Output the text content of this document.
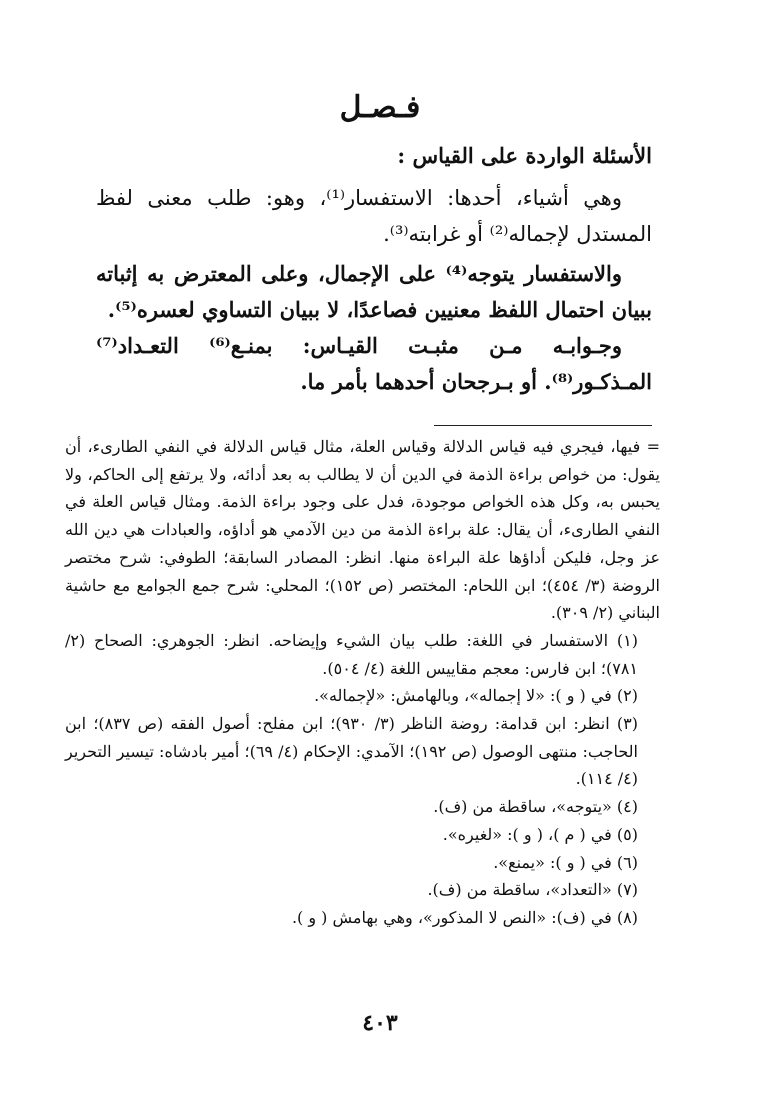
فـصـل
الأسئلة الواردة على القياس :
وهي أشياء، أحدها: الاستفسار⁽¹⁾، وهو: طلب معنى لفظ المستدل لإجماله⁽²⁾ أو غرابته⁽³⁾.
والاستفسار يتوجه⁽⁴⁾ على الإجمال، وعلى المعترض به إثباته ببيان احتمال اللفظ معنيين فصاعدًا، لا ببيان التساوي لعسره⁽⁵⁾.
وجـوابـه مـن مثبـت القيـاس: بمنـع⁽⁶⁾ التعـداد⁽⁷⁾ المـذكـور⁽⁸⁾. أو بـرجحان أحدهما بأمر ما.

= فيها، فيجري فيه قياس الدلالة وقياس العلة، مثال قياس الدلالة في النفي الطارىء، أن يقول: من خواص براءة الذمة في الدين أن لا يطالب به بعد أدائه، ولا يرتفع إلى الحاكم، ولا يحبس به، وكل هذه الخواص موجودة، فدل على وجود براءة الذمة. ومثال قياس العلة في النفي الطارىء، أن يقال: علة براءة الذمة من دين الآدمي هو أداؤه، والعبادات هي دين الله عز وجل، فليكن أداؤها علة البراءة منها. انظر: المصادر السابقة؛ الطوفي: شرح مختصر الروضة (٣/ ٤٥٤)؛ ابن اللحام: المختصر (ص ١٥٢)؛ المحلي: شرح جمع الجوامع مع حاشية البناني (٢/ ٣٠٩).

(١) الاستفسار في اللغة: طلب بيان الشيء وإيضاحه. انظر: الجوهري: الصحاح (٢/ ٧٨١)؛ ابن فارس: معجم مقاييس اللغة (٤/ ٥٠٤).

(٢) في ( و ): «لا إجماله»، وبالهامش: «لإجماله».

(٣) انظر: ابن قدامة: روضة الناظر (٣/ ٩٣٠)؛ ابن مفلح: أصول الفقه (ص ٨٣٧)؛ ابن الحاجب: منتهى الوصول (ص ١٩٢)؛ الآمدي: الإحكام (٤/ ٦٩)؛ أمير بادشاه: تيسير التحرير (٤/ ١١٤).

(٤) «يتوجه»، ساقطة من (ف).

(٥) في ( م )، ( و ): «لغيره».

(٦) في ( و ): «يمنع».

(٧) «التعداد»، ساقطة من (ف).

(٨) في (ف): «النص لا المذكور»، وهي بهامش ( و ).

٤٠٣
